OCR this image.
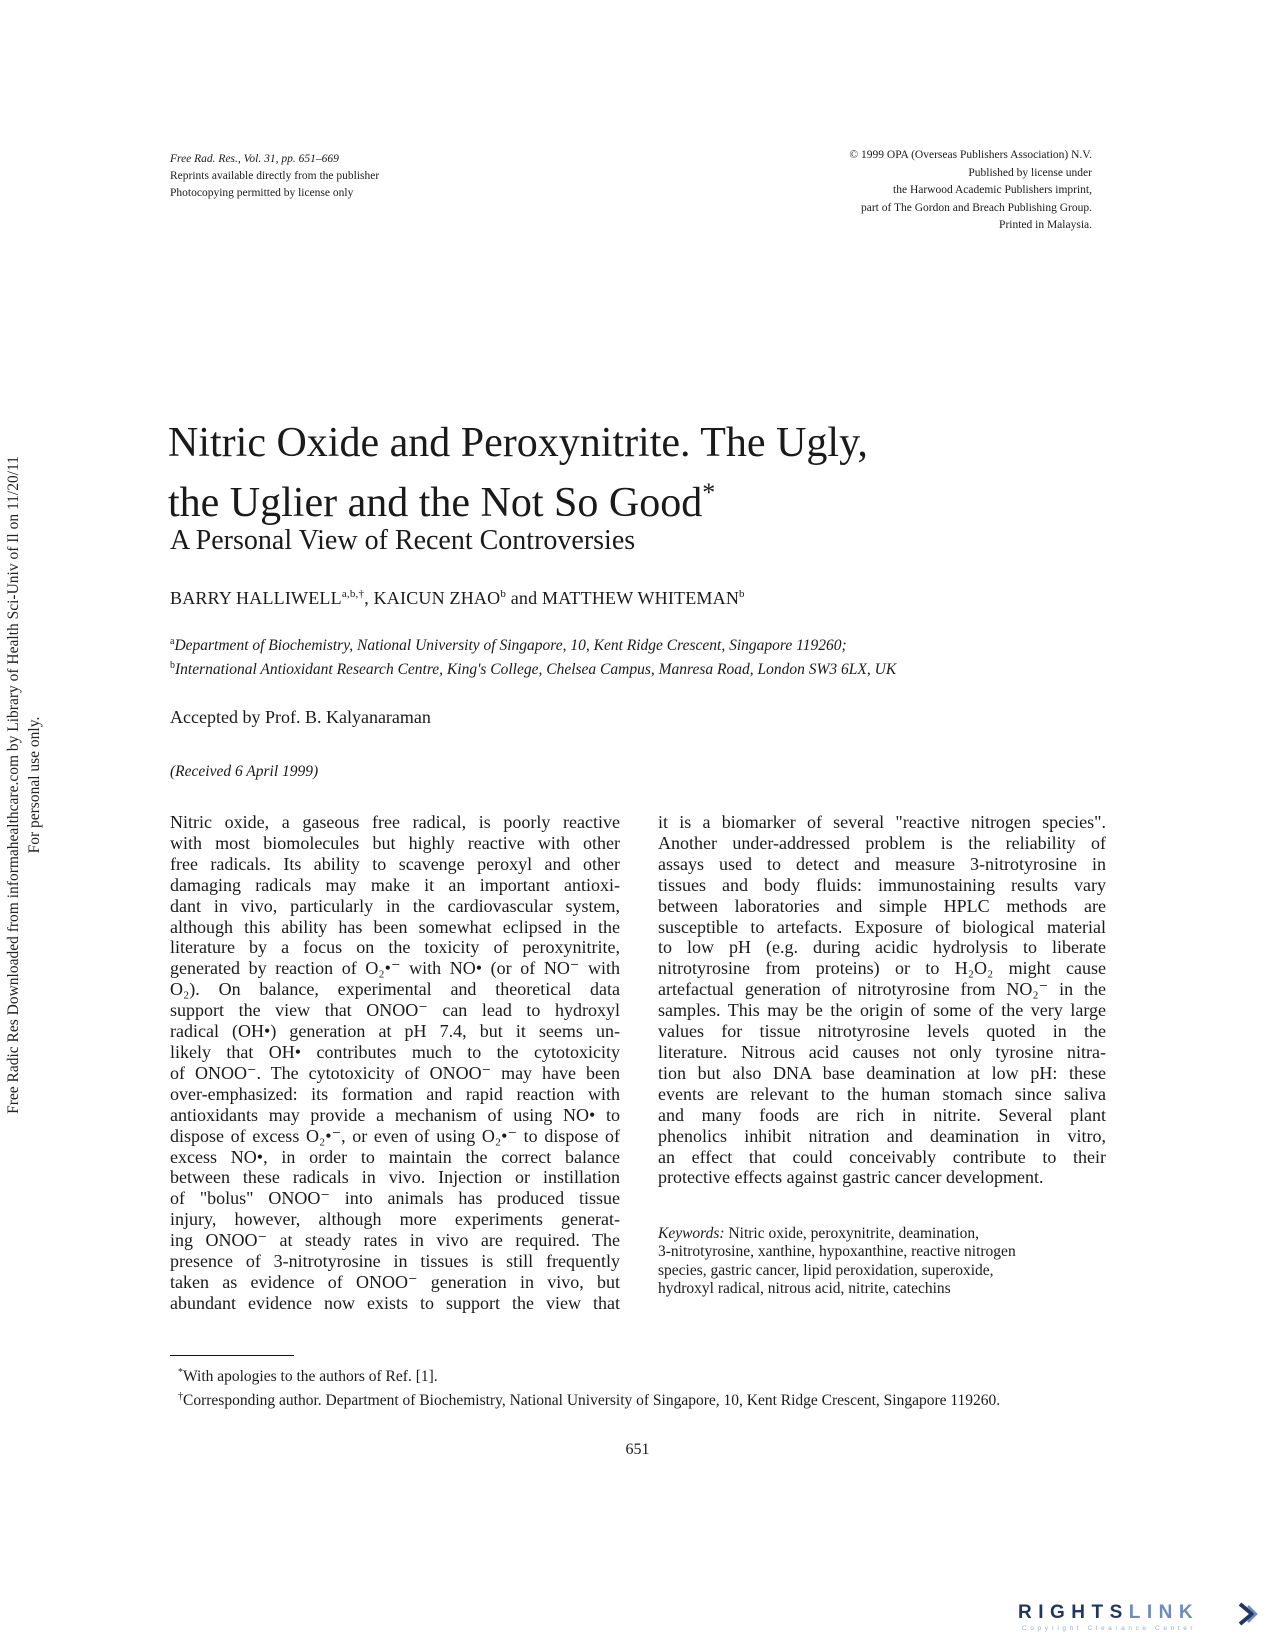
Free Rad. Res., Vol. 31, pp. 651–669
Reprints available directly from the publisher
Photocopying permitted by license only
© 1999 OPA (Overseas Publishers Association) N.V.
Published by license under
the Harwood Academic Publishers imprint,
part of The Gordon and Breach Publishing Group.
Printed in Malaysia.
Free Radic Res Downloaded from informahealthcare.com by Library of Health Sci-Univ of Il on 11/20/11 For personal use only.
Nitric Oxide and Peroxynitrite. The Ugly,
the Uglier and the Not So Good*
A Personal View of Recent Controversies
BARRY $HALLIWELL^{a,b,\dagger}$, KAICUN ZHAO$^b$ and MATTHEW WHITEMAN$^b$
$^a$Department of Biochemistry, National University of Singapore, 10, Kent Ridge Crescent, Singapore 119260;
$^b$International Antioxidant Research Centre, King's College, Chelsea Campus, Manresa Road, London SW3 6LX, UK
Accepted by Prof. B. Kalyanaraman
(Received 6 April 1999)
Nitric oxide, a gaseous free radical, is poorly reactive
with most biomolecules but highly reactive with other
free radicals. Its ability to scavenge peroxyl and other
damaging radicals may make it an important antioxi-
dant in vivo, particularly in the cardiovascular system,
although this ability has been somewhat eclipsed in the
literature by a focus on the toxicity of peroxynitrite,
generated by reaction of O₂•⁻ with NO• (or of NO⁻ with
O₂). On balance, experimental and theoretical data
support the view that ONOO⁻ can lead to hydroxyl
radical (OH•) generation at pH 7.4, but it seems un-
likely that OH• contributes much to the cytotoxicity
of ONOO⁻. The cytotoxicity of ONOO⁻ may have been
over-emphasized: its formation and rapid reaction with
antioxidants may provide a mechanism of using NO• to
dispose of excess O₂•⁻, or even of using O₂•⁻ to dispose of
excess NO•, in order to maintain the correct balance
between these radicals in vivo. Injection or instillation
of "bolus" ONOO⁻ into animals has produced tissue
injury, however, although more experiments generat-
ing ONOO⁻ at steady rates in vivo are required. The
presence of 3-nitrotyrosine in tissues is still frequently
taken as evidence of ONOO⁻ generation in vivo, but
abundant evidence now exists to support the view that
it is a biomarker of several "reactive nitrogen species".
Another under-addressed problem is the reliability of
assays used to detect and measure 3-nitrotyrosine in
tissues and body fluids: immunostaining results vary
between laboratories and simple HPLC methods are
susceptible to artefacts. Exposure of biological material
to low pH (e.g. during acidic hydrolysis to liberate
nitrotyrosine from proteins) or to H₂O₂ might cause
artefactual generation of nitrotyrosine from NO₂⁻ in the
samples. This may be the origin of some of the very large
values for tissue nitrotyrosine levels quoted in the
literature. Nitrous acid causes not only tyrosine nitra-
tion but also DNA base deamination at low pH: these
events are relevant to the human stomach since saliva
and many foods are rich in nitrite. Several plant
phenolics inhibit nitration and deamination in vitro,
an effect that could conceivably contribute to their
protective effects against gastric cancer development.
Keywords: Nitric oxide, peroxynitrite, deamination,
3-nitrotyrosine, xanthine, hypoxanthine, reactive nitrogen
species, gastric cancer, lipid peroxidation, superoxide,
hydroxyl radical, nitrous acid, nitrite, catechins

*With apologies to the authors of Ref. [1].

†Corresponding author. Department of Biochemistry, National University of Singapore, 10, Kent Ridge Crescent, Singapore 119260.

651
RIGHTSLINK
Copyright Clearance Center
